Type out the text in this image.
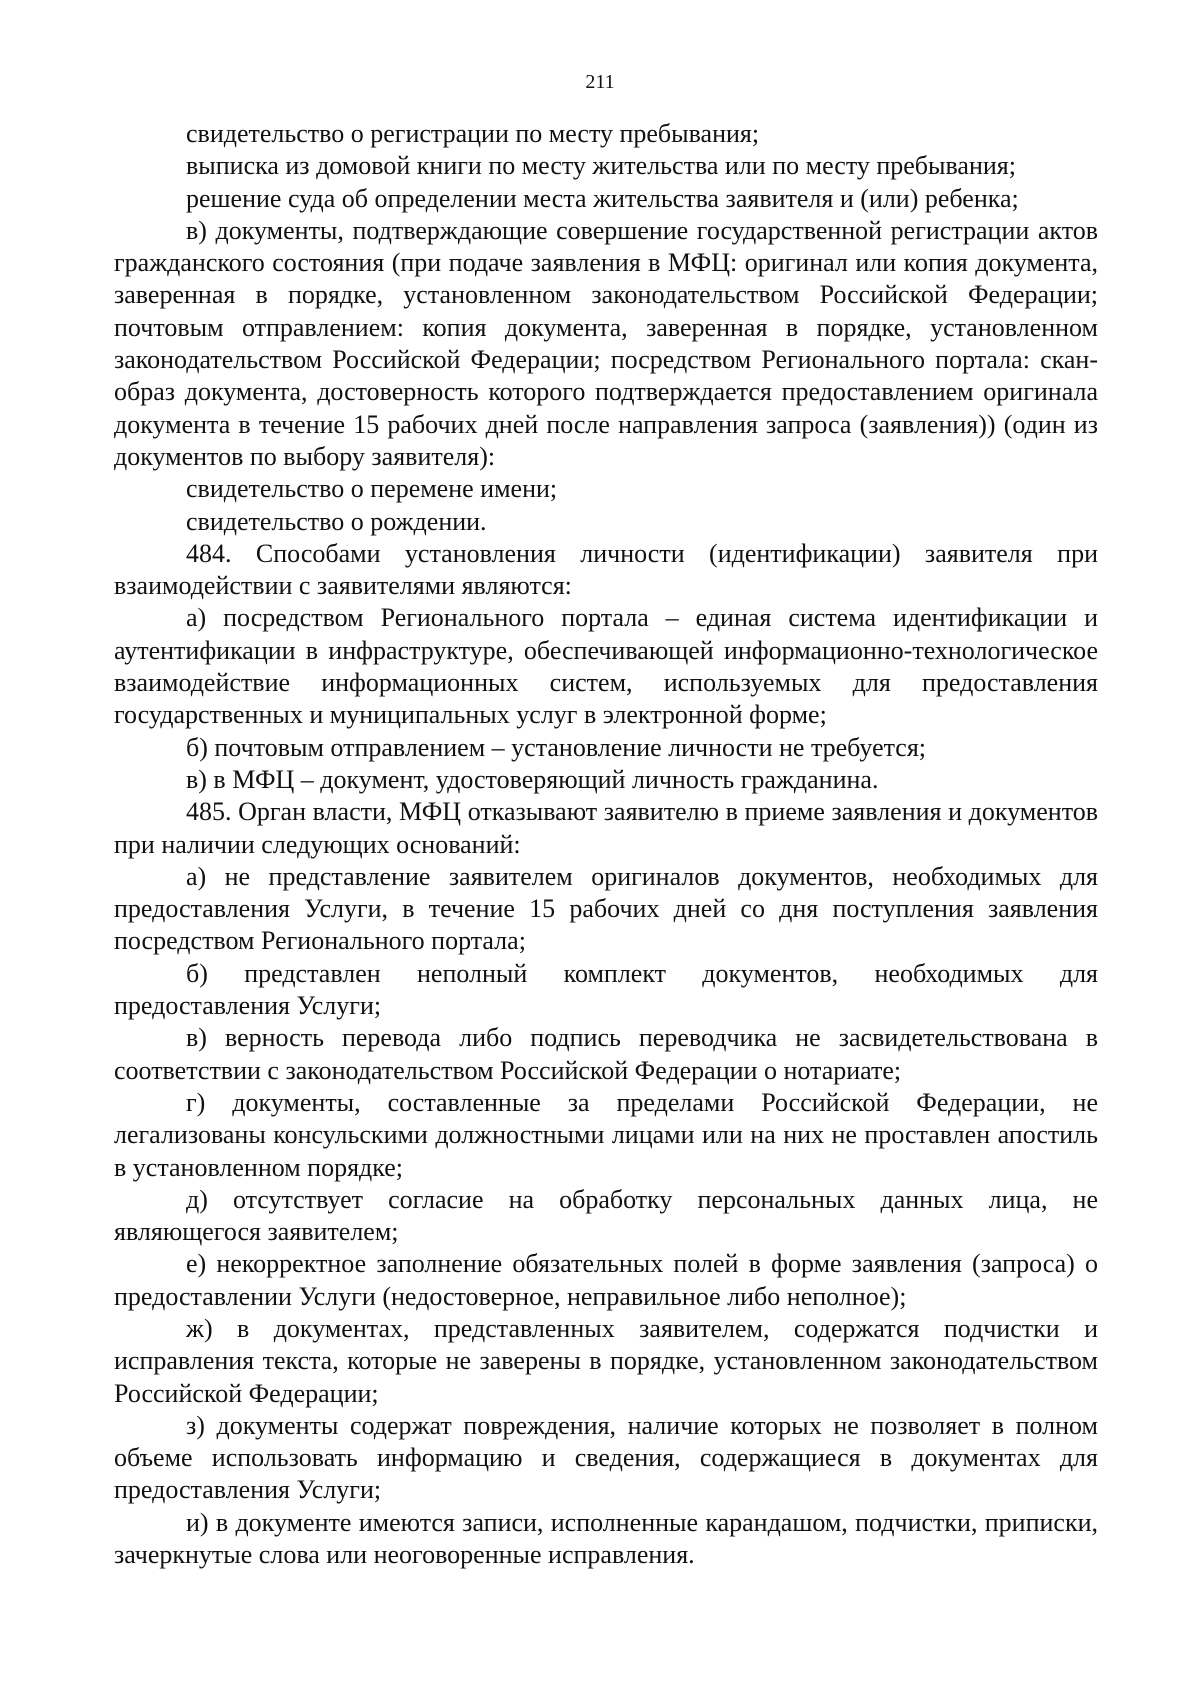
211

свидетельство о регистрации по месту пребывания;

выписка из домовой книги по месту жительства или по месту пребывания;

решение суда об определении места жительства заявителя и (или) ребенка;

в) документы, подтверждающие совершение государственной регистрации актов гражданского состояния (при подаче заявления в МФЦ: оригинал или копия документа, заверенная в порядке, установленном законодательством Российской Федерации; почтовым отправлением: копия документа, заверенная в порядке, установленном законодательством Российской Федерации; посредством Регионального портала: скан-образ документа, достоверность которого подтверждается предоставлением оригинала документа в течение 15 рабочих дней после направления запроса (заявления)) (один из документов по выбору заявителя):

свидетельство о перемене имени;

свидетельство о рождении.

484. Способами установления личности (идентификации) заявителя при взаимодействии с заявителями являются:

а) посредством Регионального портала – единая система идентификации и аутентификации в инфраструктуре, обеспечивающей информационно-технологическое взаимодействие информационных систем, используемых для предоставления государственных и муниципальных услуг в электронной форме;

б) почтовым отправлением – установление личности не требуется;

в) в МФЦ – документ, удостоверяющий личность гражданина.

485. Орган власти, МФЦ отказывают заявителю в приеме заявления и документов при наличии следующих оснований:

а) не представление заявителем оригиналов документов, необходимых для предоставления Услуги, в течение 15 рабочих дней со дня поступления заявления посредством Регионального портала;

б) представлен неполный комплект документов, необходимых для предоставления Услуги;

в) верность перевода либо подпись переводчика не засвидетельствована в соответствии с законодательством Российской Федерации о нотариате;

г) документы, составленные за пределами Российской Федерации, не легализованы консульскими должностными лицами или на них не проставлен апостиль в установленном порядке;

д) отсутствует согласие на обработку персональных данных лица, не являющегося заявителем;

е) некорректное заполнение обязательных полей в форме заявления (запроса) о предоставлении Услуги (недостоверное, неправильное либо неполное);

ж) в документах, представленных заявителем, содержатся подчистки и исправления текста, которые не заверены в порядке, установленном законодательством Российской Федерации;

з) документы содержат повреждения, наличие которых не позволяет в полном объеме использовать информацию и сведения, содержащиеся в документах для предоставления Услуги;

и) в документе имеются записи, исполненные карандашом, подчистки, приписки, зачеркнутые слова или неоговоренные исправления.
